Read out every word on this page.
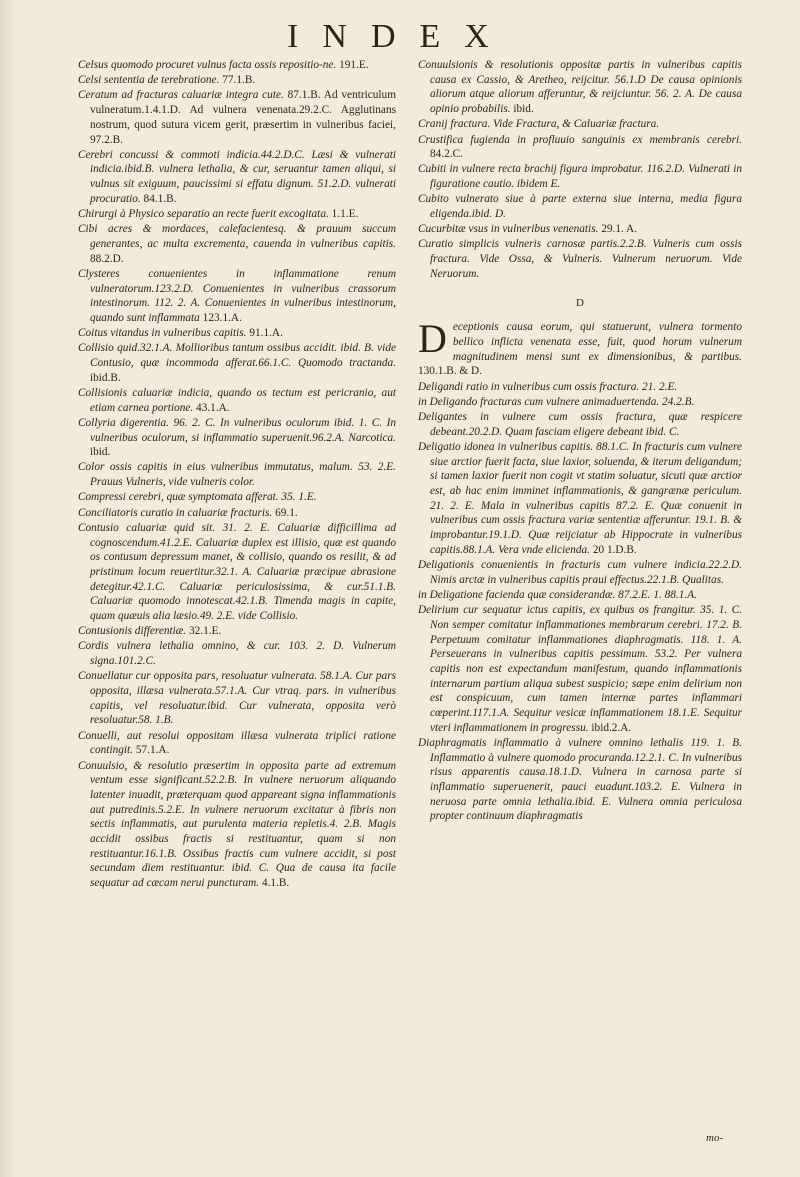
INDEX
Celsus quomodo procuret vulnus facta ossis repositio-ne. 191.E.
Celsi sententia de terebratione. 77.1.B.
Ceratum ad fracturas caluariæ integra cute. 87.1.B. Ad ventriculum vulneratum.1.4.1.D. Ad vulnera venenata.29.2.C. Agglutinans nostrum, quod sutura vicem gerit, præsertim in vulneribus faciei, 97.2.B.
Cerebri concussi & commoti indicia.44.2.D.C. Læsi & vulnerati indicia.ibid.B. vulnera lethalia, & cur, seruantur tamen aliqui, si vulnus sit exiguum, paucissimi si effatu dignum. 51.2.D. vulnerati procuratio. 84.1.B.
Chirurgi à Physico separatio an recte fuerit excogitata. 1.1.E.
Cibi acres & mordaces, calefacientesq. & prauum succum generantes, ac multa excrementa, cauenda in vulneribus capitis. 88.2.D.
Clysteres conuenientes in inflammatione renum vulneratorum.123.2.D. Conuenientes in vulneribus crassorum intestinorum. 112. 2. A. Conuenientes in vulneribus intestinorum, quando sunt inflammata 123.1.A.
Coitus vitandus in vulneribus capitis. 91.1.A.
Collisio quid.32.1.A. Mollioribus tantum ossibus accidit. ibid. B. vide Contusio, quæ incommoda afferat.66.1.C. Quomodo tractanda. ibid.B.
Collisionis caluariæ indicia, quando os tectum est pericranio, aut etiam carnea portione. 43.1.A.
Collyria digerentia. 96. 2. C. In vulneribus oculorum ibid. 1. C. In vulneribus oculorum, si inflammatio superuenit.96.2.A. Narcotica. ibid.
Color ossis capitis in eius vulneribus immutatus, malum. 53. 2.E. Prauus Vulneris, vide vulneris color.
Compressi cerebri, quæ symptomata afferat. 35. 1.E.
Conciliatoris curatio in caluariæ fracturis. 69.1.
Contusio caluariæ quid sit. 31. 2. E. Caluariæ difficillima ad cognoscendum.41.2.E. Caluariæ duplex est illisio, quæ est quando os contusum depressum manet, & collisio, quando os resilit, & ad pristinum locum reuertitur.32.1. A. Caluariæ præcipue abrasione detegitur.42.1.C. Caluariæ periculosissima, & cur.51.1.B. Caluariæ quomodo innotescat.42.1.B. Timenda magis in capite, quam quæuis alia læsio.49. 2.E. vide Collisio.
Contusionis differentiæ. 32.1.E.
Cordis vulnera lethalia omnino, & cur. 103. 2. D. Vulnerum signa.101.2.C.
Conuellatur cur opposita pars, resoluatur vulnerata. 58.1.A. Cur pars opposita, illæsa vulnerata.57.1.A. Cur vtraq. pars. in vulneribus capitis, vel resoluatur.ibid. Cur vulnerata, opposita verò resoluatur.58. 1.B.
Conuelli, aut resolui oppositam illæsa vulnerata triplici ratione contingit. 57.1.A.
Conuulsio, & resolutio præsertim in opposita parte ad extremum ventum esse significant.52.2.B. In vulnere neruorum aliquando latenter inuadit, præterquam quod appareant signa inflammationis aut putredinis.5.2.E. In vulnere neruorum excitatur à fibris non sectis inflammatis, aut purulenta materia repletis.4. 2.B. Magis accidit ossibus fractis si restituantur, quam si non restituantur.16.1.B. Ossibus fractis cum vulnere accidit, si post secundam diem restituantur. ibid. C. Qua de causa ita facile sequatur ad cæcam nerui puncturam. 4.1.B.
Conuulsionis & resolutionis oppositæ partis in vulneribus capitis causa ex Cassio, & Aretheo, reijcitur. 56.1.D De causa opinionis aliorum atque aliorum afferuntur, & reijciuntur. 56. 2. A. De causa opinio probabilis. ibid.
Cranij fractura. Vide Fractura, & Caluariæ fractura.
Crustifica fugienda in profluuio sanguinis ex membranis cerebri. 84.2.C.
Cubiti in vulnere recta brachij figura improbatur. 116.2.D. Vulnerati in figuratione cautio. ibidem E.
Cubito vulnerato siue à parte externa siue interna, media figura eligenda.ibid. D.
Cucurbitæ vsus in vulneribus venenatis. 29.1. A.
Curatio simplicis vulneris carnosæ partis.2.2.B. Vulneris cum ossis fractura. Vide Ossa, & Vulneris. Vulnerum neruorum. Vide Neruorum.
D
Deceptionis causa eorum, qui statuerunt, vulnera tormento bellico inflicta venenata esse, fuit, quod horum vulnerum magnitudinem mensi sunt ex dimensionibus, & partibus. 130.1.B. & D.
Deligandi ratio in vulneribus cum ossis fractura. 21. 2.E.
in Deligando fracturas cum vulnere animaduertenda. 24.2.B.
Deligantes in vulnere cum ossis fractura, quæ respicere debeant.20.2.D. Quam fasciam eligere debeant ibid. C.
Deligatio idonea in vulneribus capitis. 88.1.C. In fracturis cum vulnere siue arctior fuerit facta, siue laxior, soluenda, & iterum deligandum; si tamen laxior fuerit non cogit vt statim soluatur, sicuti quæ arctior est, ab hac enim imminet inflammationis, & gangrænæ periculum. 21. 2. E. Mala in vulneribus capitis 87.2. E. Quæ conuenit in vulneribus cum ossis fractura variæ sententiæ afferuntur. 19.1. B. & improbantur.19.1.D. Quæ reijciatur ab Hippocrate in vulneribus capitis.88.1.A. Vera vnde elicienda. 20 1.D.B.
Deligationis conuenientis in fracturis cum vulnere indicia.22.2.D. Nimis arctæ in vulneribus capitis praui effectus.22.1.B. Qualitas.
in Deligatione facienda quæ considerandæ. 87.2.E. 1. 88.1.A.
Delirium cur sequatur ictus capitis, ex quibus os frangitur. 35. 1. C. Non semper comitatur inflammationes membrarum cerebri. 17.2. B. Perpetuum comitatur inflammationes diaphragmatis. 118. 1. A. Perseuerans in vulneribus capitis pessimum. 53.2. Per vulnera capitis non est expectandum manifestum, quando inflammationis internarum partium aliqua subest suspicio; sæpe enim delirium non est conspicuum, cum tamen internæ partes inflammari cœperint.117.1.A. Sequitur vesicæ inflammationem 18.1.E. Sequitur vteri inflammationem in progressu. ibid.2.A.
Diaphragmatis inflammatio à vulnere omnino lethalis 119. 1. B. Inflammatio à vulnere quomodo procuranda.12.2.1. C. In vulneribus risus apparentis causa.18.1.D. Vulnera in carnosa parte si inflammatio superuenerit, pauci euadunt.103.2. E. Vulnera in neruosa parte omnia lethalia.ibid. E. Vulnera omnia periculosa propter continuum diaphragmatis
mo-
